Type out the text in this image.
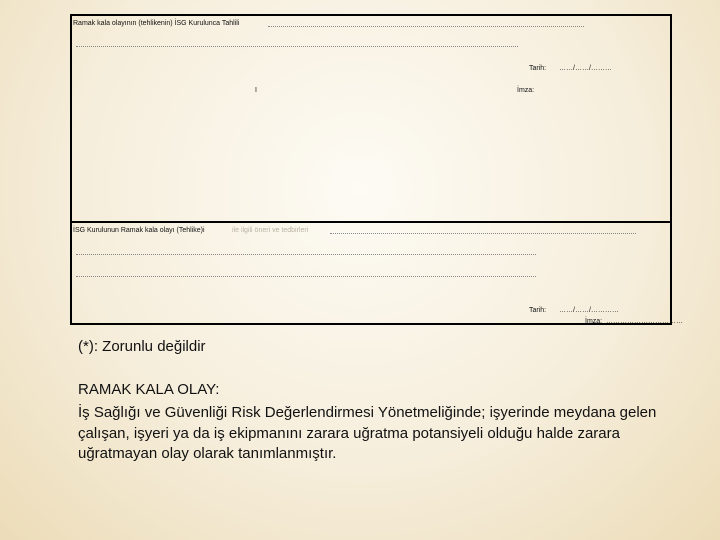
Ramak kala olayının (tehlikenin) İSG Kurulunca Tahlili
Tarih: ……/……/………
I	İmza:
İSG Kurulunun Ramak kala olayı (Tehlike)i	ile ilgili öneri ve tedbirleri
Tarih: ……/……/…………
İmza: ……………………………
(*): Zorunlu değildir
RAMAK KALA OLAY:
İş Sağlığı ve Güvenliği Risk Değerlendirmesi Yönetmeliğinde; işyerinde meydana gelen çalışan, işyeri ya da iş ekipmanını zarara uğratma potansiyeli olduğu halde zarara uğratmayan olay olarak tanımlanmıştır.
